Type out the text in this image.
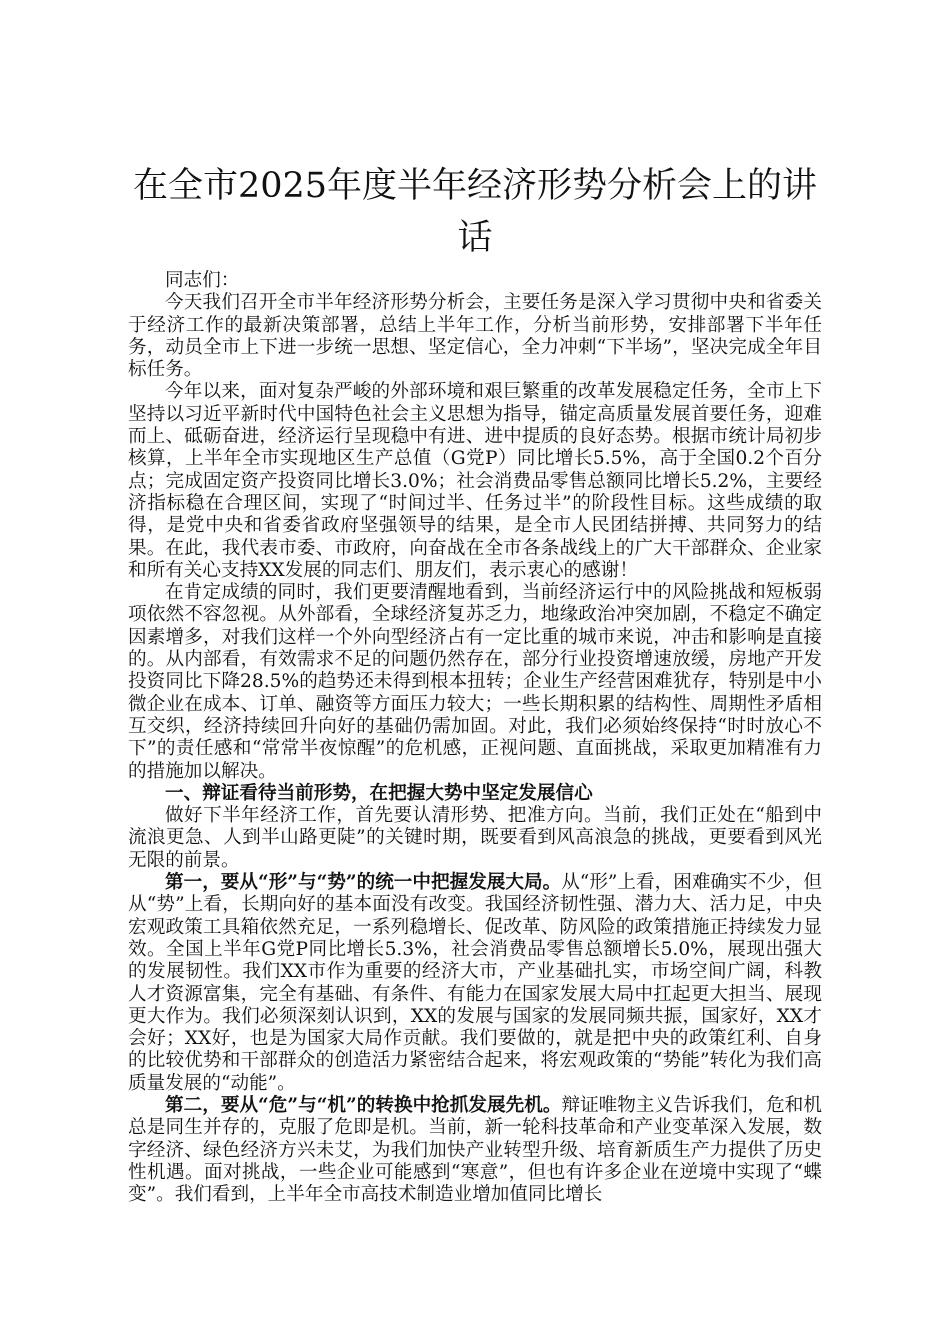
在全市2025年度半年经济形势分析会上的讲话

同志们：

今天我们召开全市半年经济形势分析会，主要任务是深入学习贯彻中央和省委关于经济工作的最新决策部署，总结上半年工作，分析当前形势，安排部署下半年任务，动员全市上下进一步统一思想、坚定信心，全力冲刺“下半场”，坚决完成全年目标任务。

今年以来，面对复杂严峻的外部环境和艰巨繁重的改革发展稳定任务，全市上下坚持以习近平新时代中国特色社会主义思想为指导，锚定高质量发展首要任务，迎难而上、砥砺奋进，经济运行呈现稳中有进、进中提质的良好态势。根据市统计局初步核算，上半年全市实现地区生产总值（G党P）同比增长5.5%，高于全国0.2个百分点；完成固定资产投资同比增长3.0%；社会消费品零售总额同比增长5.2%，主要经济指标稳在合理区间，实现了“时间过半、任务过半”的阶段性目标。这些成绩的取得，是党中央和省委省政府坚强领导的结果，是全市人民团结拼搏、共同努力的结果。在此，我代表市委、市政府，向奋战在全市各条战线上的广大干部群众、企业家和所有关心支持XX发展的同志们、朋友们，表示衷心的感谢！

在肯定成绩的同时，我们更要清醒地看到，当前经济运行中的风险挑战和短板弱项依然不容忽视。从外部看，全球经济复苏乏力，地缘政治冲突加剧，不稳定不确定因素增多，对我们这样一个外向型经济占有一定比重的城市来说，冲击和影响是直接的。从内部看，有效需求不足的问题仍然存在，部分行业投资增速放缓，房地产开发投资同比下降28.5%的趋势还未得到根本扭转；企业生产经营困难犹存，特别是中小微企业在成本、订单、融资等方面压力较大；一些长期积累的结构性、周期性矛盾相互交织，经济持续回升向好的基础仍需加固。对此，我们必须始终保持“时时放心不下”的责任感和“常常半夜惊醒”的危机感，正视问题、直面挑战，采取更加精准有力的措施加以解决。

一、辩证看待当前形势，在把握大势中坚定发展信心

做好下半年经济工作，首先要认清形势、把准方向。当前，我们正处在“船到中流浪更急、人到半山路更陡”的关键时期，既要看到风高浪急的挑战，更要看到风光无限的前景。

第一，要从“形”与“势”的统一中把握发展大局。从“形”上看，困难确实不少，但从“势”上看，长期向好的基本面没有改变。我国经济韧性强、潜力大、活力足，中央宏观政策工具箱依然充足，一系列稳增长、促改革、防风险的政策措施正持续发力显效。全国上半年G党P同比增长5.3%，社会消费品零售总额增长5.0%，展现出强大的发展韧性。我们XX市作为重要的经济大市，产业基础扎实，市场空间广阔，科教人才资源富集，完全有基础、有条件、有能力在国家发展大局中扛起更大担当、展现更大作为。我们必须深刻认识到，XX的发展与国家的发展同频共振，国家好，XX才会好；XX好，也是为国家大局作贡献。我们要做的，就是把中央的政策红利、自身的比较优势和干部群众的创造活力紧密结合起来，将宏观政策的“势能”转化为我们高质量发展的“动能”。

第二，要从“危”与“机”的转换中抢抓发展先机。辩证唯物主义告诉我们，危和机总是同生并存的，克服了危即是机。当前，新一轮科技革命和产业变革深入发展，数字经济、绿色经济方兴未艾，为我们加快产业转型升级、培育新质生产力提供了历史性机遇。面对挑战，一些企业可能感到“寒意”，但也有许多企业在逆境中实现了“蝶变”。我们看到，上半年全市高技术制造业增加值同比增长
